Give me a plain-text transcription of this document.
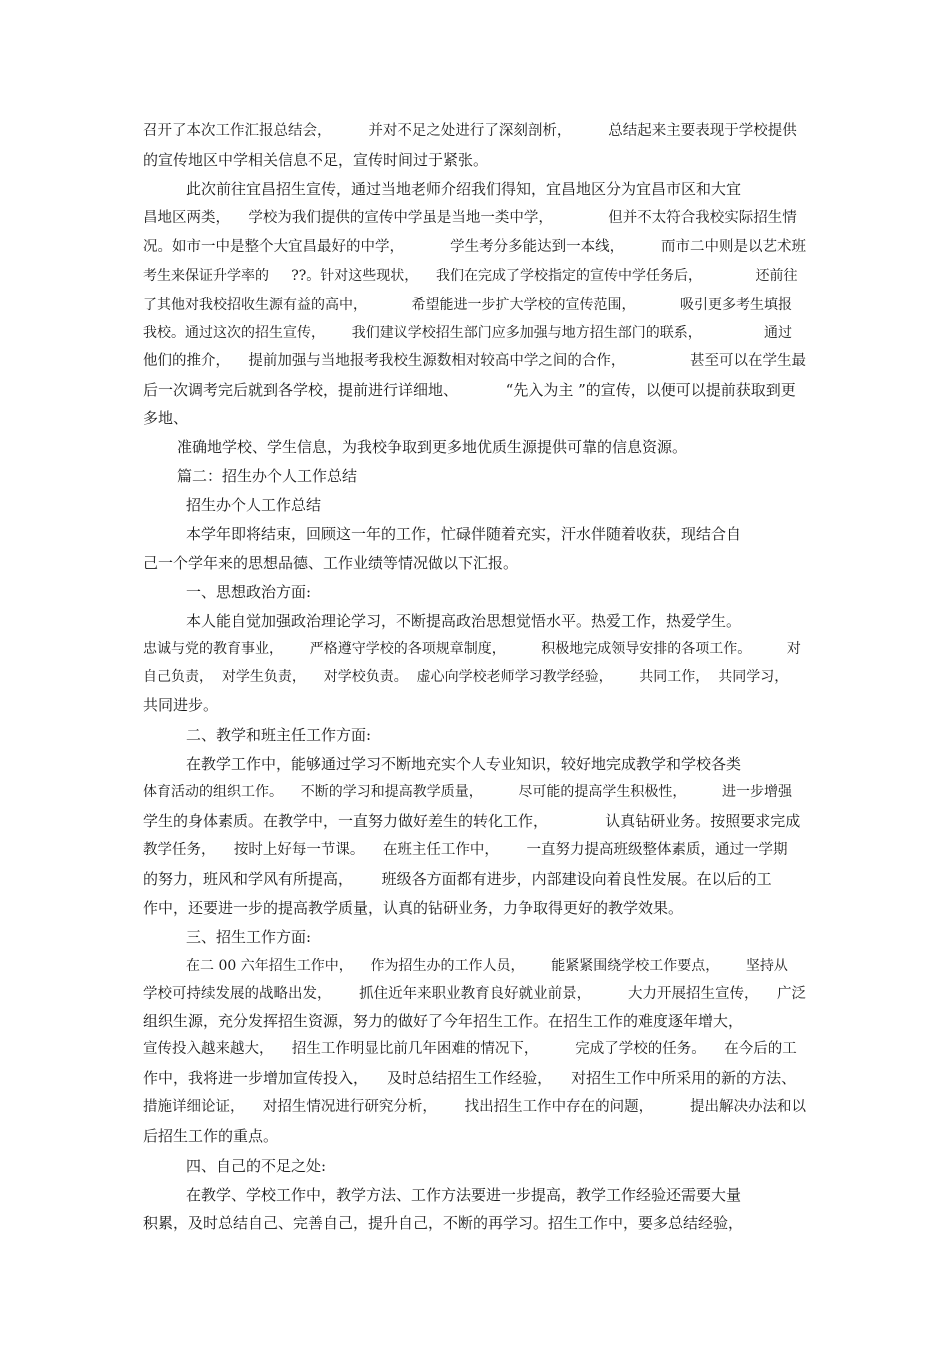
召开了本次工作汇报总结会，        并对不足之处进行了深刻剖析，        总结起来主要表现于学校提供
的宣传地区中学相关信息不足，宣传时间过于紧张。
此次前往宜昌招生宣传，通过当地老师介绍我们得知，宜昌地区分为宜昌市区和大宜
昌地区两类，    学校为我们提供的宣传中学虽是当地一类中学，            但并不太符合我校实际招生情
况。如市一中是整个大宜昌最好的中学，          学生考分多能达到一本线，        而市二中则是以艺术班
考生来保证升学率的     ??。针对这些现状，    我们在完成了学校指定的宣传中学任务后，            还前往
了其他对我校招收生源有益的高中，          希望能进一步扩大学校的宣传范围，          吸引更多考生填报
我校。通过这次的招生宣传，      我们建议学校招生部门应多加强与地方招生部门的联系，              通过
他们的推介，    提前加强与当地报考我校生源数相对较高中学之间的合作，              甚至可以在学生最
后一次调考完后就到各学校，提前进行详细地、          “先入为主 ”的宣传，以便可以提前获取到更
多地、
准确地学校、学生信息，为我校争取到更多地优质生源提供可靠的信息资源。
篇二：招生办个人工作总结
招生办个人工作总结
本学年即将结束，回顾这一年的工作，忙碌伴随着充实，汗水伴随着收获，现结合自
己一个学年来的思想品德、工作业绩等情况做以下汇报。
一、思想政治方面:
本人能自觉加强政治理论学习，不断提高政治思想觉悟水平。热爱工作，热爱学生。
忠诚与党的教育事业，      严格遵守学校的各项规章制度，        积极地完成领导安排的各项工作。        对
自己负责，  对学生负责，    对学校负责。  虚心向学校老师学习教学经验，      共同工作，  共同学习，
共同进步。
二、教学和班主任工作方面:
在教学工作中，能够通过学习不断地充实个人专业知识，较好地完成教学和学校各类
体育活动的组织工作。    不断的学习和提高教学质量，        尽可能的提高学生积极性，        进一步增强
学生的身体素质。在教学中，一直努力做好差生的转化工作，            认真钻研业务。按照要求完成
教学任务，    按时上好每一节课。    在班主任工作中，      一直努力提高班级整体素质，通过一学期
的努力，班风和学风有所提高，      班级各方面都有进步，内部建设向着良性发展。在以后的工
作中，还要进一步的提高教学质量，认真的钻研业务，力争取得更好的教学效果。
三、招生工作方面:
在二 00 六年招生工作中，    作为招生办的工作人员，      能紧紧围绕学校工作要点，      坚持从
学校可持续发展的战略出发，      抓住近年来职业教育良好就业前景，        大力开展招生宣传，    广泛
组织生源，充分发挥招生资源，努力的做好了今年招生工作。在招生工作的难度逐年增大，
宣传投入越来越大，    招生工作明显比前几年困难的情况下，        完成了学校的任务。    在今后的工
作中，我将进一步增加宣传投入，    及时总结招生工作经验，    对招生工作中所采用的新的方法、
措施详细论证，    对招生情况进行研究分析，      找出招生工作中存在的问题，        提出解决办法和以
后招生工作的重点。
四、自己的不足之处:
在教学、学校工作中，教学方法、工作方法要进一步提高，教学工作经验还需要大量
积累，及时总结自己、完善自己，提升自己，不断的再学习。招生工作中，要多总结经验，
